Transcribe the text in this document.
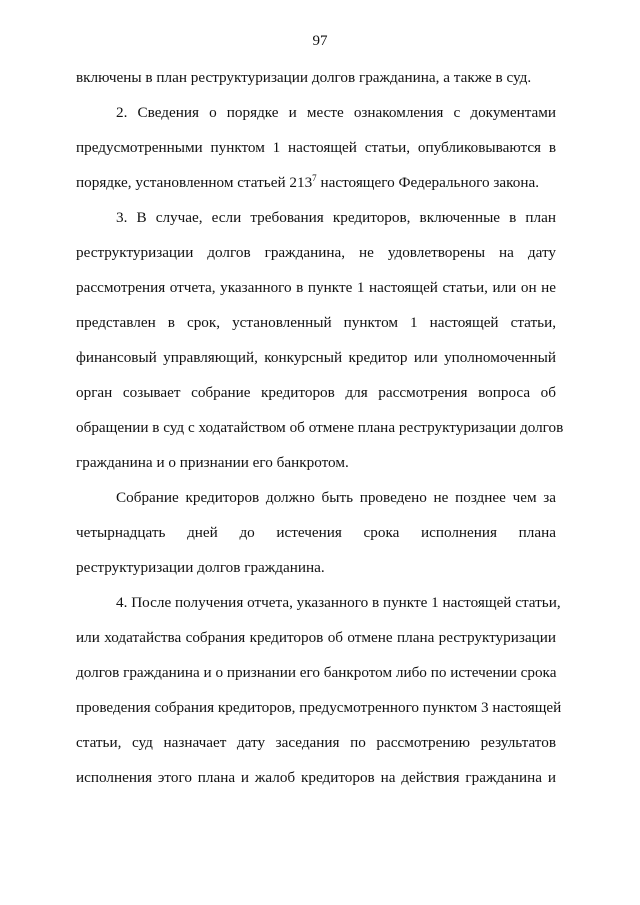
97
включены в план реструктуризации долгов гражданина, а также в суд.
2. Сведения о порядке и месте ознакомления с документами
предусмотренными пунктом 1 настоящей статьи, опубликовываются в
порядке, установленном статьей $213^7$ настоящего Федерального закона.
3. В случае, если требования кредиторов, включенные в план
реструктуризации долгов гражданина, не удовлетворены на дату
рассмотрения отчета, указанного в пункте 1 настоящей статьи, или он не
представлен в срок, установленный пунктом 1 настоящей статьи,
финансовый управляющий, конкурсный кредитор или уполномоченный
орган созывает собрание кредиторов для рассмотрения вопроса об
обращении в суд с ходатайством об отмене плана реструктуризации долгов
гражданина и о признании его банкротом.
Собрание кредиторов должно быть проведено не позднее чем за
четырнадцать дней до истечения срока исполнения плана
реструктуризации долгов гражданина.
4. После получения отчета, указанного в пункте 1 настоящей статьи,
или ходатайства собрания кредиторов об отмене плана реструктуризации
долгов гражданина и о признании его банкротом либо по истечении срока
проведения собрания кредиторов, предусмотренного пунктом 3 настоящей
статьи, суд назначает дату заседания по рассмотрению результатов
исполнения этого плана и жалоб кредиторов на действия гражданина и
